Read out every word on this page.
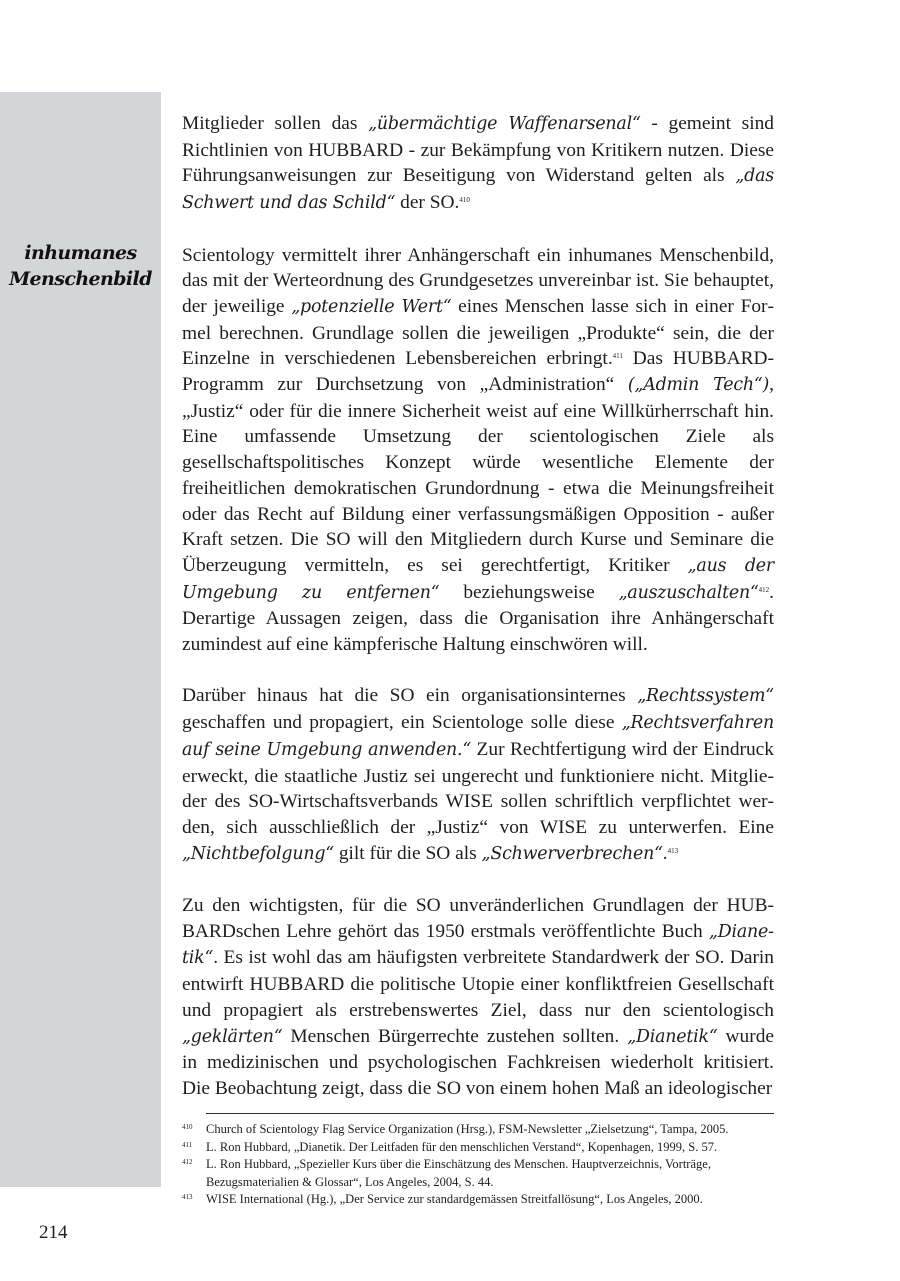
inhumanes
Menschenbild

Mitglieder sollen das „übermächtige Waffenarsenal“ - gemeint sind Richtlinien von HUBBARD - zur Bekämpfung von Kritikern nutzen. Diese Führungsanweisungen zur Beseitigung von Widerstand gelten als „das Schwert und das Schild“ der SO.$^{410}$

Scientology vermittelt ihrer Anhängerschaft ein inhumanes Menschenbild, das mit der Werteordnung des Grundgesetzes unvereinbar ist. Sie behauptet, der jeweilige „potenzielle Wert“ eines Menschen lasse sich in einer Formel berechnen. Grundlage sollen die jeweiligen „Produkte“ sein, die der Einzelne in verschiedenen Lebensbereichen erbringt.$^{411}$ Das HUBBARD-Programm zur Durchsetzung von „Administration“ („Admin Tech“), „Justiz“ oder für die innere Sicherheit weist auf eine Willkürherrschaft hin. Eine umfassende Umsetzung der scientologischen Ziele als gesellschaftspolitisches Konzept würde wesentliche Elemente der freiheitlichen demokratischen Grundordnung - etwa die Meinungsfreiheit oder das Recht auf Bildung einer verfassungsmäßigen Opposition - außer Kraft setzen. Die SO will den Mitgliedern durch Kurse und Seminare die Überzeugung vermitteln, es sei gerechtfertigt, Kritiker „aus der Umgebung zu entfernen“ beziehungsweise „auszuschalten“$^{412}$. Derartige Aussagen zeigen, dass die Organisation ihre Anhängerschaft zumindest auf eine kämpferische Haltung einschwören will.

Darüber hinaus hat die SO ein organisationsinternes „Rechtssystem“ geschaffen und propagiert, ein Scientologe solle diese „Rechtsverfahren auf seine Umgebung anwenden.“ Zur Rechtfertigung wird der Eindruck erweckt, die staatliche Justiz sei ungerecht und funktioniere nicht. Mitglieder des SO-Wirtschaftsverbands WISE sollen schriftlich verpflichtet werden, sich ausschließlich der „Justiz“ von WISE zu unterwerfen. Eine „Nichtbefolgung“ gilt für die SO als „Schwerverbrechen“.$^{413}$

Zu den wichtigsten, für die SO unveränderlichen Grundlagen der HUBBARDschen Lehre gehört das 1950 erstmals veröffentlichte Buch „Dianetik“. Es ist wohl das am häufigsten verbreitete Standardwerk der SO. Darin entwirft HUBBARD die politische Utopie einer konfliktfreien Gesellschaft und propagiert als erstrebenswertes Ziel, dass nur den scientologisch „geklärten“ Menschen Bürgerrechte zustehen sollten. „Dianetik“ wurde in medizinischen und psychologischen Fachkreisen wiederholt kritisiert. Die Beobachtung zeigt, dass die SO von einem hohen Maß an ideologischer

410 Church of Scientology Flag Service Organization (Hrsg.), FSM-Newsletter „Zielsetzung“, Tampa, 2005.
411 L. Ron Hubbard, „Dianetik. Der Leitfaden für den menschlichen Verstand“, Kopenhagen, 1999, S. 57.
412 L. Ron Hubbard, „Spezieller Kurs über die Einschätzung des Menschen. Hauptverzeichnis, Vorträge, Bezugsmaterialien & Glossar“, Los Angeles, 2004, S. 44.
413 WISE International (Hg.), „Der Service zur standardgemässen Streitfallösung“, Los Angeles, 2000.
214
